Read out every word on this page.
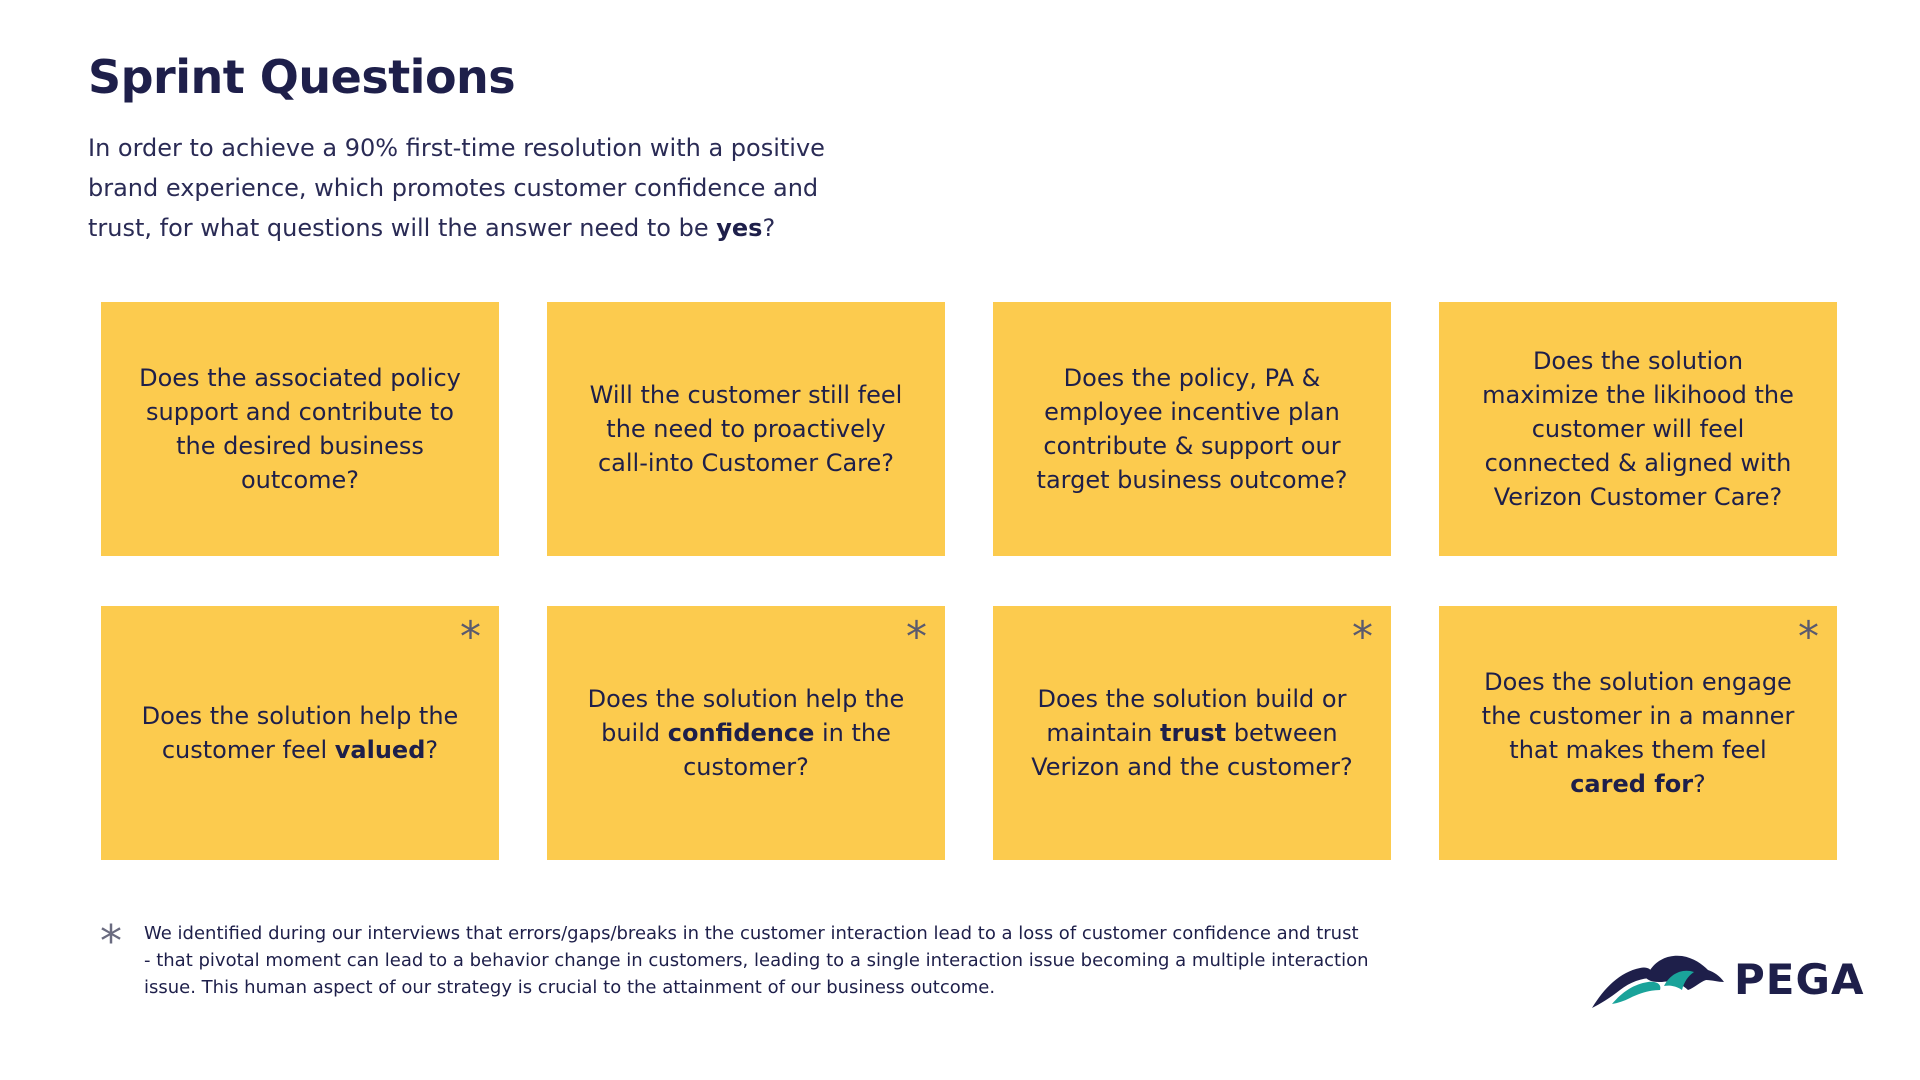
Sprint Questions
In order to achieve a 90% first-time resolution with a positive brand experience, which promotes customer confidence and trust, for what questions will the answer need to be yes?
Does the associated policy support and contribute to the desired business outcome?
Will the customer still feel the need to proactively call-into Customer Care?
Does the policy, PA & employee incentive plan contribute & support our target business outcome?
Does the solution maximize the likihood the customer will feel connected & aligned with Verizon Customer Care?
Does the solution help the customer feel valued?
*
Does the solution help the build confidence in the customer?
*
Does the solution build or maintain trust between Verizon and the customer?
*
Does the solution engage the customer in a manner that makes them feel cared for?
*
* We identified during our interviews that errors/gaps/breaks in the customer interaction lead to a loss of customer confidence and trust - that pivotal moment can lead to a behavior change in customers, leading to a single interaction issue becoming a multiple interaction issue. This human aspect of our strategy is crucial to the attainment of our business outcome.	PEGA
